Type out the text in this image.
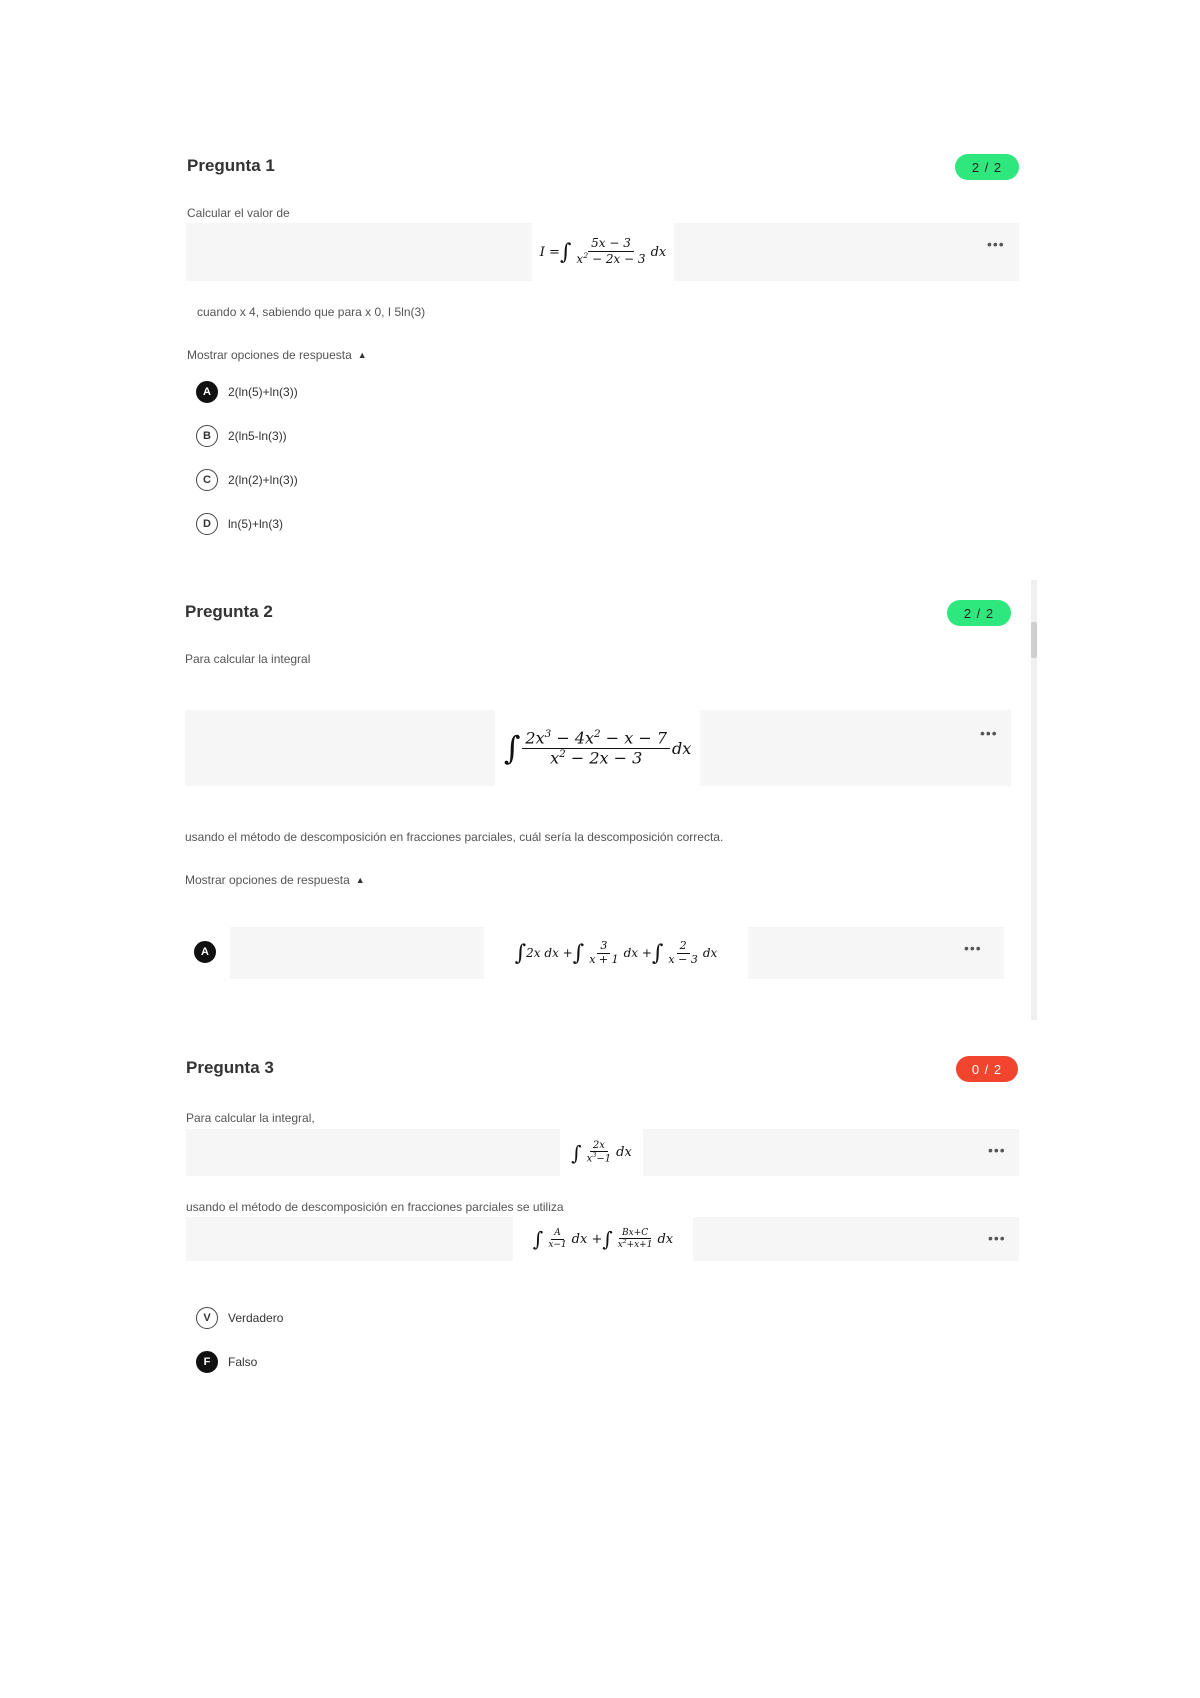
Pregunta 1	2 / 2
Calcular el valor de
I = ∫ $\frac{5x - 3}{x^2 - 2x - 3}$ dx	•••
cuando x 4, sabiendo que para x 0, I 5ln(3)
Mostrar opciones de respuesta ▲
A	2(ln(5)+ln(3))
B	2(ln5-ln(3))
C	2(ln(2)+ln(3))
D	ln(5)+ln(3)
Pregunta 2	2 / 2
Para calcular la integral
∫ $\frac{2x^3 - 4x^2 - x - 7}{x^2 - 2x - 3}$ dx
•••
usando el método de descomposición en fracciones parciales, cuál sería la descomposición correcta.
Mostrar opciones de respuesta ▲
A	∫ 2x dx + ∫ $\frac{3}{x + 1}$ dx + ∫ $\frac{2}{x - 3}$ dx	•••
Pregunta 3	0 / 2
Para calcular la integral,
∫ $\frac{2x}{x^3-1}$ dx	•••
usando el método de descomposición en fracciones parciales se utiliza
∫ $\frac{A}{x-1}$ dx + ∫ $\frac{Bx+C}{x^2+x+1}$ dx	•••
V	Verdadero
F	Falso
